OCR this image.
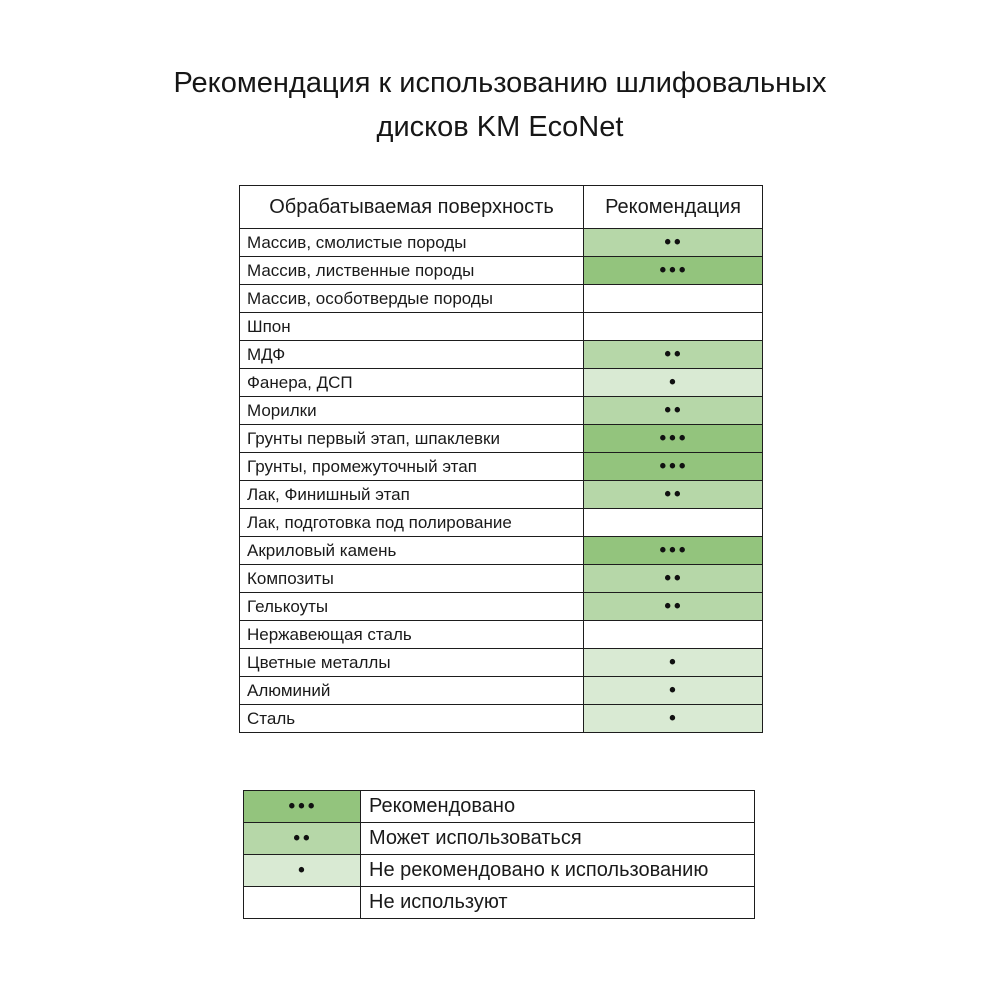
Рекомендация к использованию шлифовальных
дисков KM EcoNet
Обрабатываемая поверхность	Рекомендация
Массив, смолистые породы	••
Массив, лиственные породы	•••
Массив, особотвердые породы	
Шпон	
МДФ	••
Фанера, ДСП	•
Морилки	••
Грунты первый этап, шпаклевки	•••
Грунты, промежуточный этап	•••
Лак, Финишный этап	••
Лак, подготовка под полирование	
Акриловый камень	•••
Композиты	••
Гелькоуты	••
Нержавеющая сталь	
Цветные металлы	•
Алюминий	•
Сталь	•
•••	Рекомендовано
••	Может использоваться
•	Не рекомендовано к использованию
	Не используют
